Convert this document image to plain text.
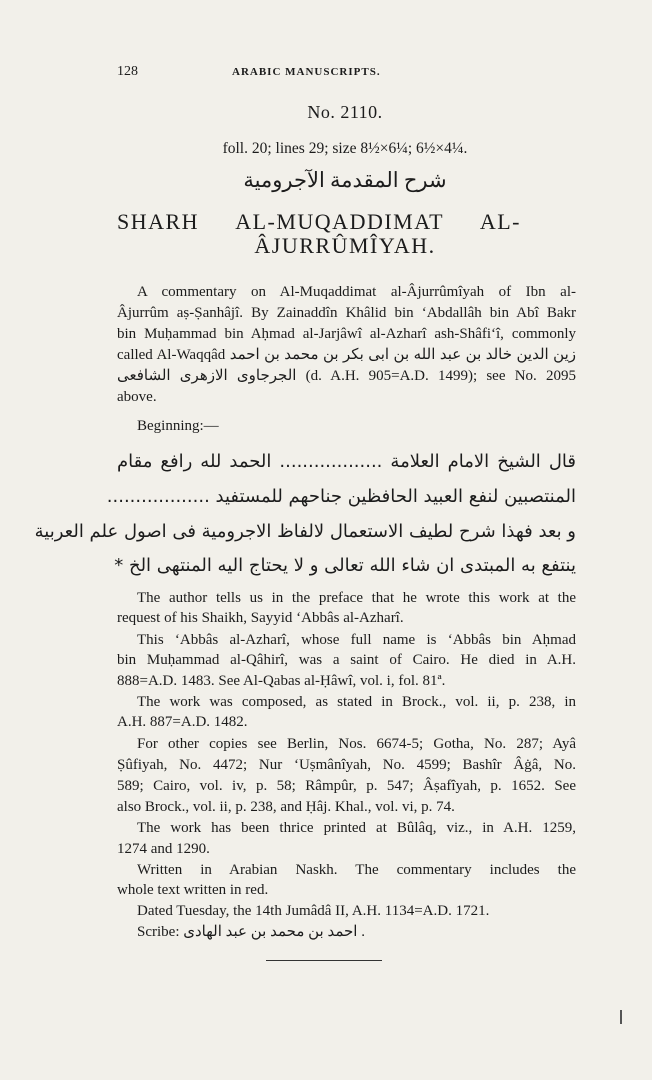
128	ARABIC MANUSCRIPTS.
No. 2110.
foll. 20; lines 29; size 8½×6¼; 6½×4¼.
شرح المقدمة الآجرومية
SHARH AL-MUQADDIMAT AL-
ÂJURRÛMÎYAH.
A commentary on Al-Muqaddimat al-Âjurrûmîyah of Ibn al-
Âjurrûm aṣ-Ṣanhâjî. By Zainaddîn Khâlid bin ‘Abdallâh bin Abî Bakr
bin Muḥammad bin Aḥmad al-Jarjâwî al-Azharî ash-Shâfi‘î, commonly
called Al-Waqqâd زين الدين خالد بن عبد الله بن ابى بكر بن محمد بن احمد
الجرجاوى الازهرى الشافعى (d. A.H. 905=A.D. 1499); see No. 2095
above.
Beginning:—
قال الشيخ الامام العلامة .................. الحمد لله رافع مقام
المنتصبين لنفع العبيد الحافظين جناحهم للمستفيد ..................
و بعد فهذا شرح لطيف الاستعمال لالفاظ الاجرومية فى اصول علم العربية
ينتفع به المبتدى ان شاء الله تعالى و لا يحتاج اليه المنتهى الخ *
The author tells us in the preface that he wrote this work at the
request of his Shaikh, Sayyid ‘Abbâs al-Azharî.
This ‘Abbâs al-Azharî, whose full name is ‘Abbâs bin Aḥmad
bin Muḥammad al-Qâhirî, was a saint of Cairo. He died in A.H.
888=A.D. 1483. See Al-Qabas al-Ḥâwî, vol. i, fol. 81ª.
The work was composed, as stated in Brock., vol. ii, p. 238, in
A.H. 887=A.D. 1482.
For other copies see Berlin, Nos. 6674-5; Gotha, No. 287; Ayâ
Ṣûfiyah, No. 4472; Nur ‘Uṣmânîyah, No. 4599; Bashîr Âġâ, No.
589; Cairo, vol. iv, p. 58; Râmpûr, p. 547; Âṣafîyah, p. 1652. See
also Brock., vol. ii, p. 238, and Ḥâj. Khal., vol. vi, p. 74.
The work has been thrice printed at Bûlâq, viz., in A.H. 1259,
1274 and 1290.
Written in Arabian Naskh. The commentary includes the
whole text written in red.
Dated Tuesday, the 14th Jumâdâ II, A.H. 1134=A.D. 1721.
Scribe: احمد بن محمد بن عبد الهادى .
